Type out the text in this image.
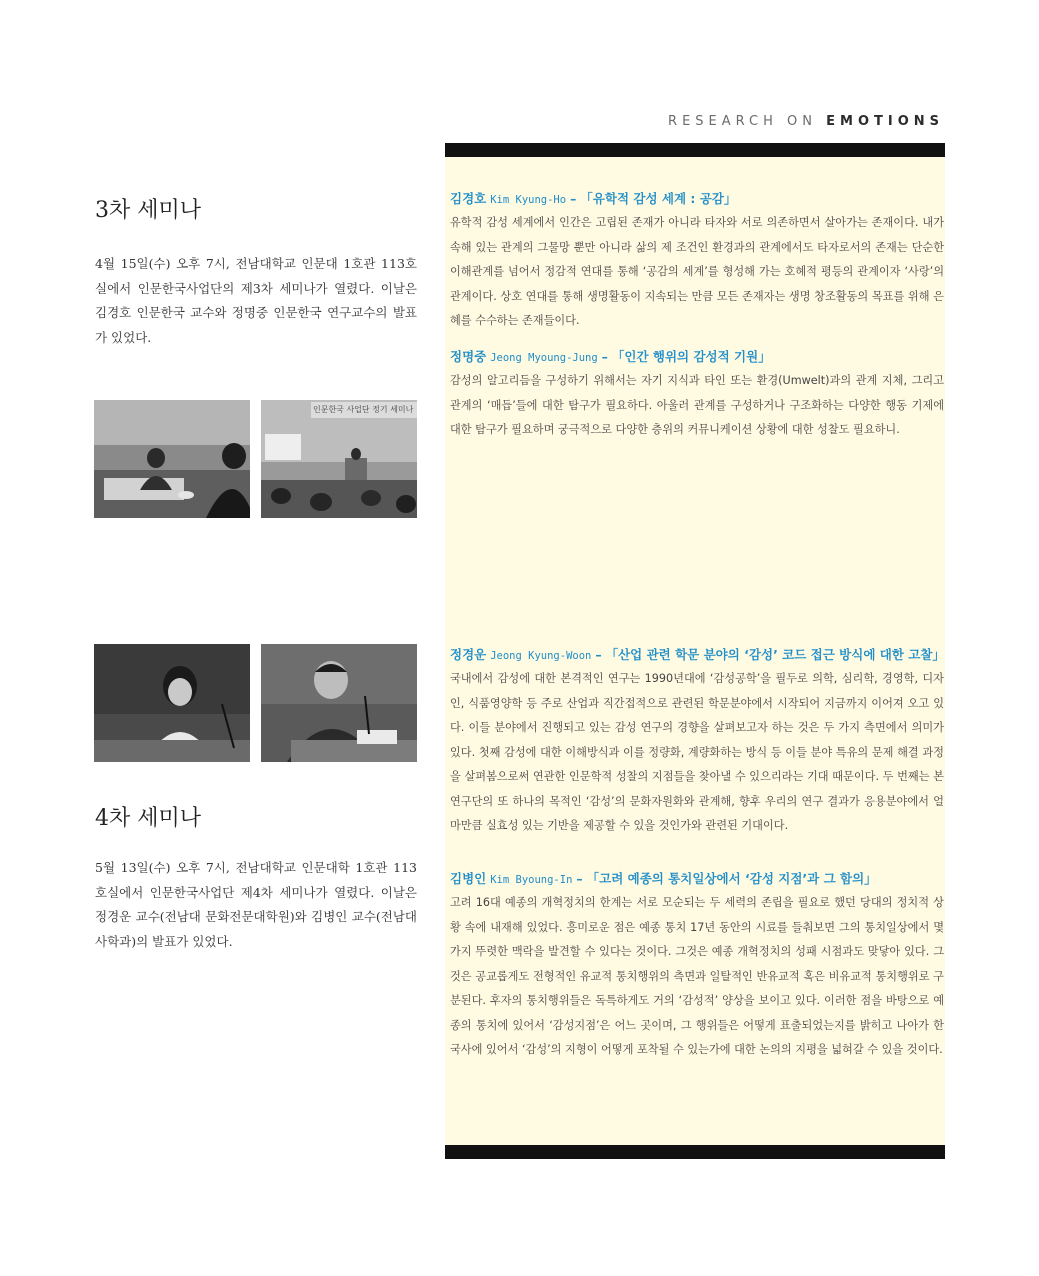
RESEARCH ON EMOTIONS
3차 세미나

4월 15일(수) 오후 7시, 전남대학교 인문대 1호관 113호실에서 인문한국사업단의 제3차 세미나가 열렸다. 이날은 김경호 인문한국 교수와 정명중 인문한국 연구교수의 발표가 있었다.

인문한국 사업단 정기 세미나
4차 세미나

5월 13일(수) 오후 7시, 전남대학교 인문대학 1호관 113호실에서 인문한국사업단 제4차 세미나가 열렸다. 이날은 정경운 교수(전남대 문화전문대학원)와 김병인 교수(전남대 사학과)의 발표가 있었다.

김경호 Kim Kyung-Ho – 「유학적 감성 세계 : 공감」

유학적 감성 세계에서 인간은 고립된 존재가 아니라 타자와 서로 의존하면서 살아가는 존재이다. 내가 속해 있는 관계의 그물망 뿐만 아니라 삶의 제 조건인 환경과의 관계에서도 타자로서의 존재는 단순한 이해관계를 넘어서 정감적 연대를 통해 ‘공감의 세계’를 형성해 가는 호혜적 평등의 관계이자 ‘사랑’의 관계이다. 상호 연대를 통해 생명활동이 지속되는 만큼 모든 존재자는 생명 창조활동의 목표를 위해 은혜를 수수하는 존재들이다.

정명중 Jeong Myoung-Jung – 「인간 행위의 감성적 기원」

감성의 알고리듬을 구성하기 위해서는 자기 지식과 타인 또는 환경(Umwelt)과의 관계 지체, 그리고 관계의 ‘매듭’들에 대한 탐구가 필요하다. 아울러 관계를 구성하거나 구조화하는 다양한 행동 기제에 대한 탐구가 필요하며 궁극적으로 다양한 층위의 커뮤니케이션 상황에 대한 성찰도 필요하니.

정경운 Jeong Kyung-Woon – 「산업 관련 학문 분야의 ‘감성’ 코드 접근 방식에 대한 고찰」

국내에서 감성에 대한 본격적인 연구는 1990년대에 ‘감성공학’을 필두로 의학, 심리학, 경영학, 디자인, 식품영양학 등 주로 산업과 직간접적으로 관련된 학문분야에서 시작되어 지금까지 이어져 오고 있다. 이들 분야에서 진행되고 있는 감성 연구의 경향을 살펴보고자 하는 것은 두 가지 측면에서 의미가 있다. 첫째 감성에 대한 이해방식과 이를 정량화, 계량화하는 방식 등 이들 분야 특유의 문제 해결 과정을 살펴봄으로써 연관한 인문학적 성찰의 지점들을 찾아낼 수 있으리라는 기대 때문이다. 두 번째는 본 연구단의 또 하나의 목적인 ‘감성’의 문화자원화와 관계해, 향후 우리의 연구 결과가 응용분야에서 얼마만큼 실효성 있는 기반을 제공할 수 있을 것인가와 관련된 기대이다.

김병인 Kim Byoung-In – 「고려 예종의 통치일상에서 ‘감성 지점’과 그 함의」

고려 16대 예종의 개혁정치의 한계는 서로 모순되는 두 세력의 존립을 필요로 했던 당대의 정치적 상황 속에 내재해 있었다. 흥미로운 점은 예종 통치 17년 동안의 시료를 들춰보면 그의 통치일상에서 몇 가지 뚜렷한 맥락을 발견할 수 있다는 것이다. 그것은 예종 개혁정치의 성패 시점과도 맞닿아 있다. 그것은 공교롭게도 전형적인 유교적 통치행위의 측면과 일탈적인 반유교적 혹은 비유교적 통치행위로 구분된다. 후자의 통치행위들은 독특하게도 거의 ‘감성적’ 양상을 보이고 있다. 이러한 점을 바탕으로 예종의 통치에 있어서 ‘감성지점’은 어느 곳이며, 그 행위들은 어떻게 표출되었는지를 밝히고 나아가 한국사에 있어서 ‘감성’의 지형이 어떻게 포착될 수 있는가에 대한 논의의 지평을 넓혀갈 수 있을 것이다.
